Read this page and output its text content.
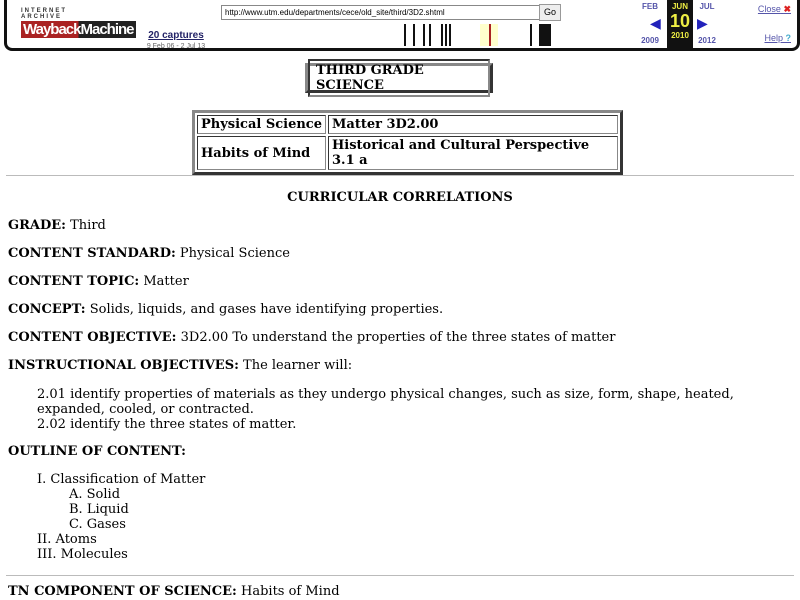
INTERNET ARCHIVE
WaybackMachine	20 captures
9 Feb 06 - 2 Jul 13
http://www.utm.edu/departments/cece/old_site/third/3D2.shtml	Go
FEB
2009
◀
JUN
10
2010
▶
JUL
2012
Close ✖
Help ?
THIRD GRADE SCIENCE
Physical Science	Matter 3D2.00
Habits of Mind	Historical and Cultural Perspective 3.1 a
CURRICULAR CORRELATIONS
GRADE: Third
CONTENT STANDARD: Physical Science
CONTENT TOPIC: Matter
CONCEPT: Solids, liquids, and gases have identifying properties.
CONTENT OBJECTIVE: 3D2.00 To understand the properties of the three states of matter
INSTRUCTIONAL OBJECTIVES: The learner will:
2.01 identify properties of materials as they undergo physical changes, such as size, form, shape, heated, expanded, cooled, or contracted.
2.02 identify the three states of matter.
OUTLINE OF CONTENT:
I. Classification of Matter
A. Solid
B. Liquid
C. Gases
II. Atoms
III. Molecules
TN COMPONENT OF SCIENCE: Habits of Mind
